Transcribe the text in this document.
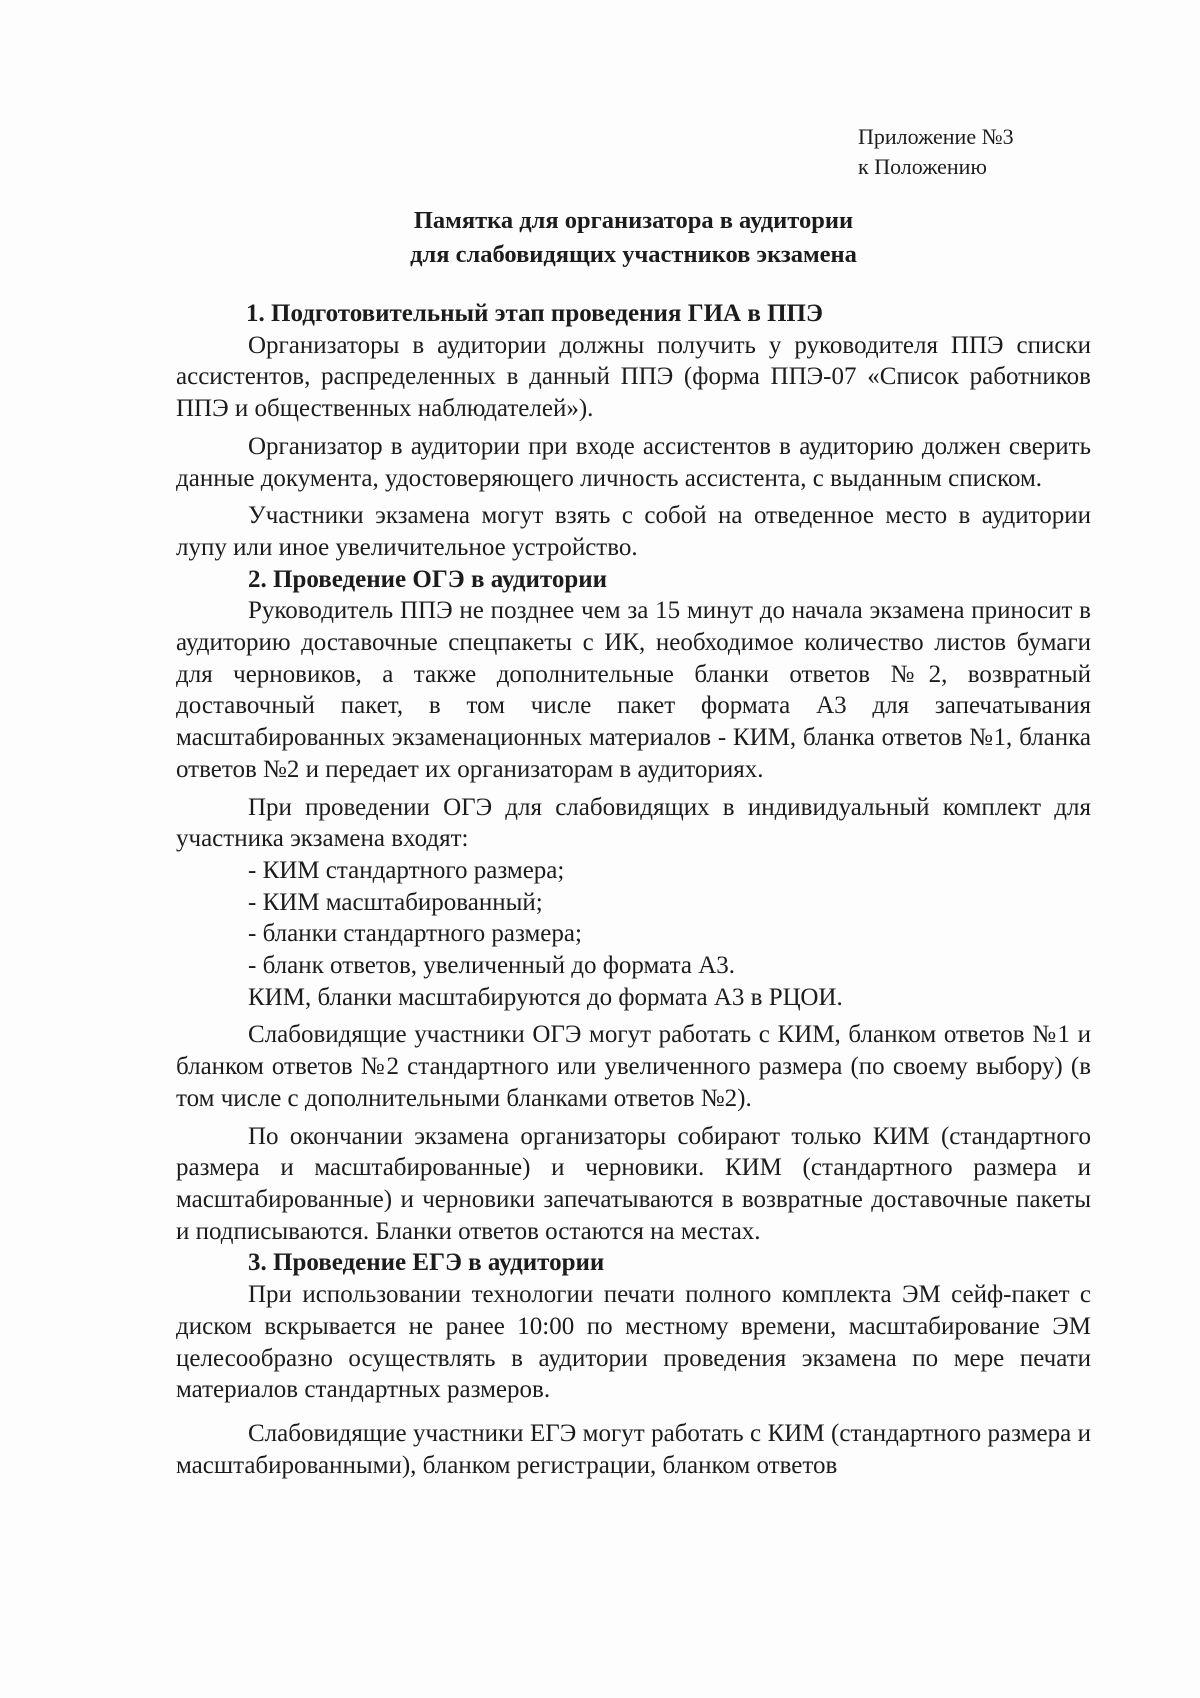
Приложение №3
к Положению
Памятка для организатора в аудитории
для слабовидящих участников экзамена
1. Подготовительный этап проведения ГИА в ППЭ

Организаторы в аудитории должны получить у руководителя ППЭ списки ассистентов, распределенных в данный ППЭ (форма ППЭ-07 «Список работников ППЭ и общественных наблюдателей»).

Организатор в аудитории при входе ассистентов в аудиторию должен сверить данные документа, удостоверяющего личность ассистента, с выданным списком.

Участники экзамена могут взять с собой на отведенное место в аудитории лупу или иное увеличительное устройство.

2. Проведение ОГЭ в аудитории

Руководитель ППЭ не позднее чем за 15 минут до начала экзамена приносит в аудиторию доставочные спецпакеты с ИК, необходимое количество листов бумаги для черновиков, а также дополнительные бланки ответов №2, возвратный доставочный пакет, в том числе пакет формата А3 для запечатывания масштабированных экзаменационных материалов - КИМ, бланка ответов №1, бланка ответов №2 и передает их организаторам в аудиториях.

При проведении ОГЭ для слабовидящих в индивидуальный комплект для участника экзамена входят:

- КИМ стандартного размера;
- КИМ масштабированный;
- бланки стандартного размера;
- бланк ответов, увеличенный до формата А3.
КИМ, бланки масштабируются до формата А3 в РЦОИ.

Слабовидящие участники ОГЭ могут работать с КИМ, бланком ответов №1 и бланком ответов №2 стандартного или увеличенного размера (по своему выбору) (в том числе с дополнительными бланками ответов №2).

По окончании экзамена организаторы собирают только КИМ (стандартного размера и масштабированные) и черновики. КИМ (стандартного размера и масштабированные) и черновики запечатываются в возвратные доставочные пакеты и подписываются. Бланки ответов остаются на местах.

3. Проведение ЕГЭ в аудитории

При использовании технологии печати полного комплекта ЭМ сейф-пакет с диском вскрывается не ранее 10:00 по местному времени, масштабирование ЭМ целесообразно осуществлять в аудитории проведения экзамена по мере печати материалов стандартных размеров.

Слабовидящие участники ЕГЭ могут работать с КИМ (стандартного размера и масштабированными), бланком регистрации, бланком ответов
